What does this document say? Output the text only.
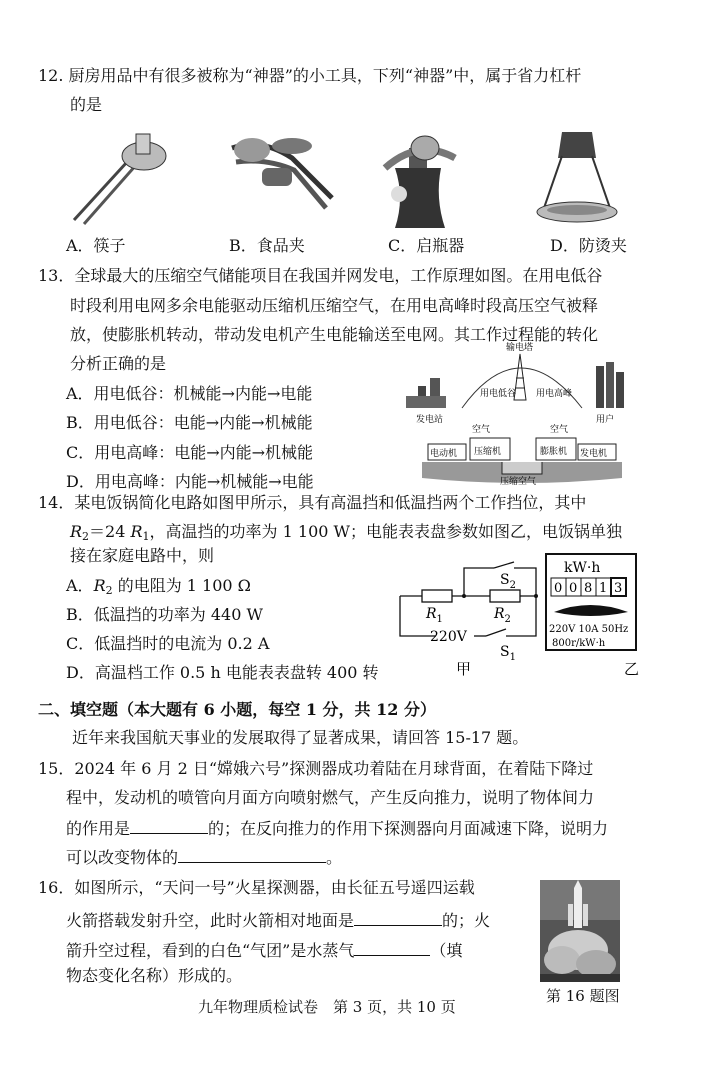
12. 厨房用品中有很多被称为“神器”的小工具，下列“神器”中，属于省力杠杆
的是
A．筷子	B．食品夹	C．启瓶器	D．防烫夹
13．全球最大的压缩空气储能项目在我国并网发电，工作原理如图。在用电低谷
时段利用电网多余电能驱动压缩机压缩空气，在用电高峰时段高压空气被释
放，使膨胀机转动，带动发电机产生电能输送至电网。其工作过程能的转化
分析正确的是
A．用电低谷：机械能→内能→电能
B．用电低谷：电能→内能→机械能
C．用电高峰：电能→内能→机械能
D．用电高峰：内能→机械能→电能
输电塔
发电站
用电低谷 用电高峰
用户
空气	空气
电动机 压缩机	膨胀机 发电机
压缩空气
14．某电饭锅简化电路如图甲所示，具有高温挡和低温挡两个工作挡位，其中
$R_2=24$ $R_1$，高温挡的功率为 1 100 W；电能表表盘参数如图乙，电饭锅单独
接在家庭电路中，则
A．$R_2$ 的电阻为 1 100 Ω
B．低温挡的功率为 440 W
C．低温挡时的电流为 0.2 A
D．高温档工作 0.5 h 电能表表盘转 400 转
$S_2$
$R_1$	$R_2$
220V
$S_1$
甲
kW·h
0 0 8 1 3
220V 10A 50Hz
800r/kW·h
乙
二、填空题（本大题有 6 小题，每空 1 分，共 12 分）
近年来我国航天事业的发展取得了显著成果，请回答 15-17 题。
15．2024 年 6 月 2 日“嫦娥六号”探测器成功着陆在月球背面，在着陆下降过
程中，发动机的喷管向月面方向喷射燃气，产生反向推力，说明了物体间力
的作用是	的；在反向推力的作用下探测器向月面减速下降，说明力
可以改变物体的	。
16．如图所示，“天问一号”火星探测器，由长征五号遥四运载
火箭搭载发射升空，此时火箭相对地面是	的；火
箭升空过程，看到的白色“气团”是水蒸气	（填
物态变化名称）形成的。
第 16 题图
九年物理质检试卷　第 3 页，共 10 页
